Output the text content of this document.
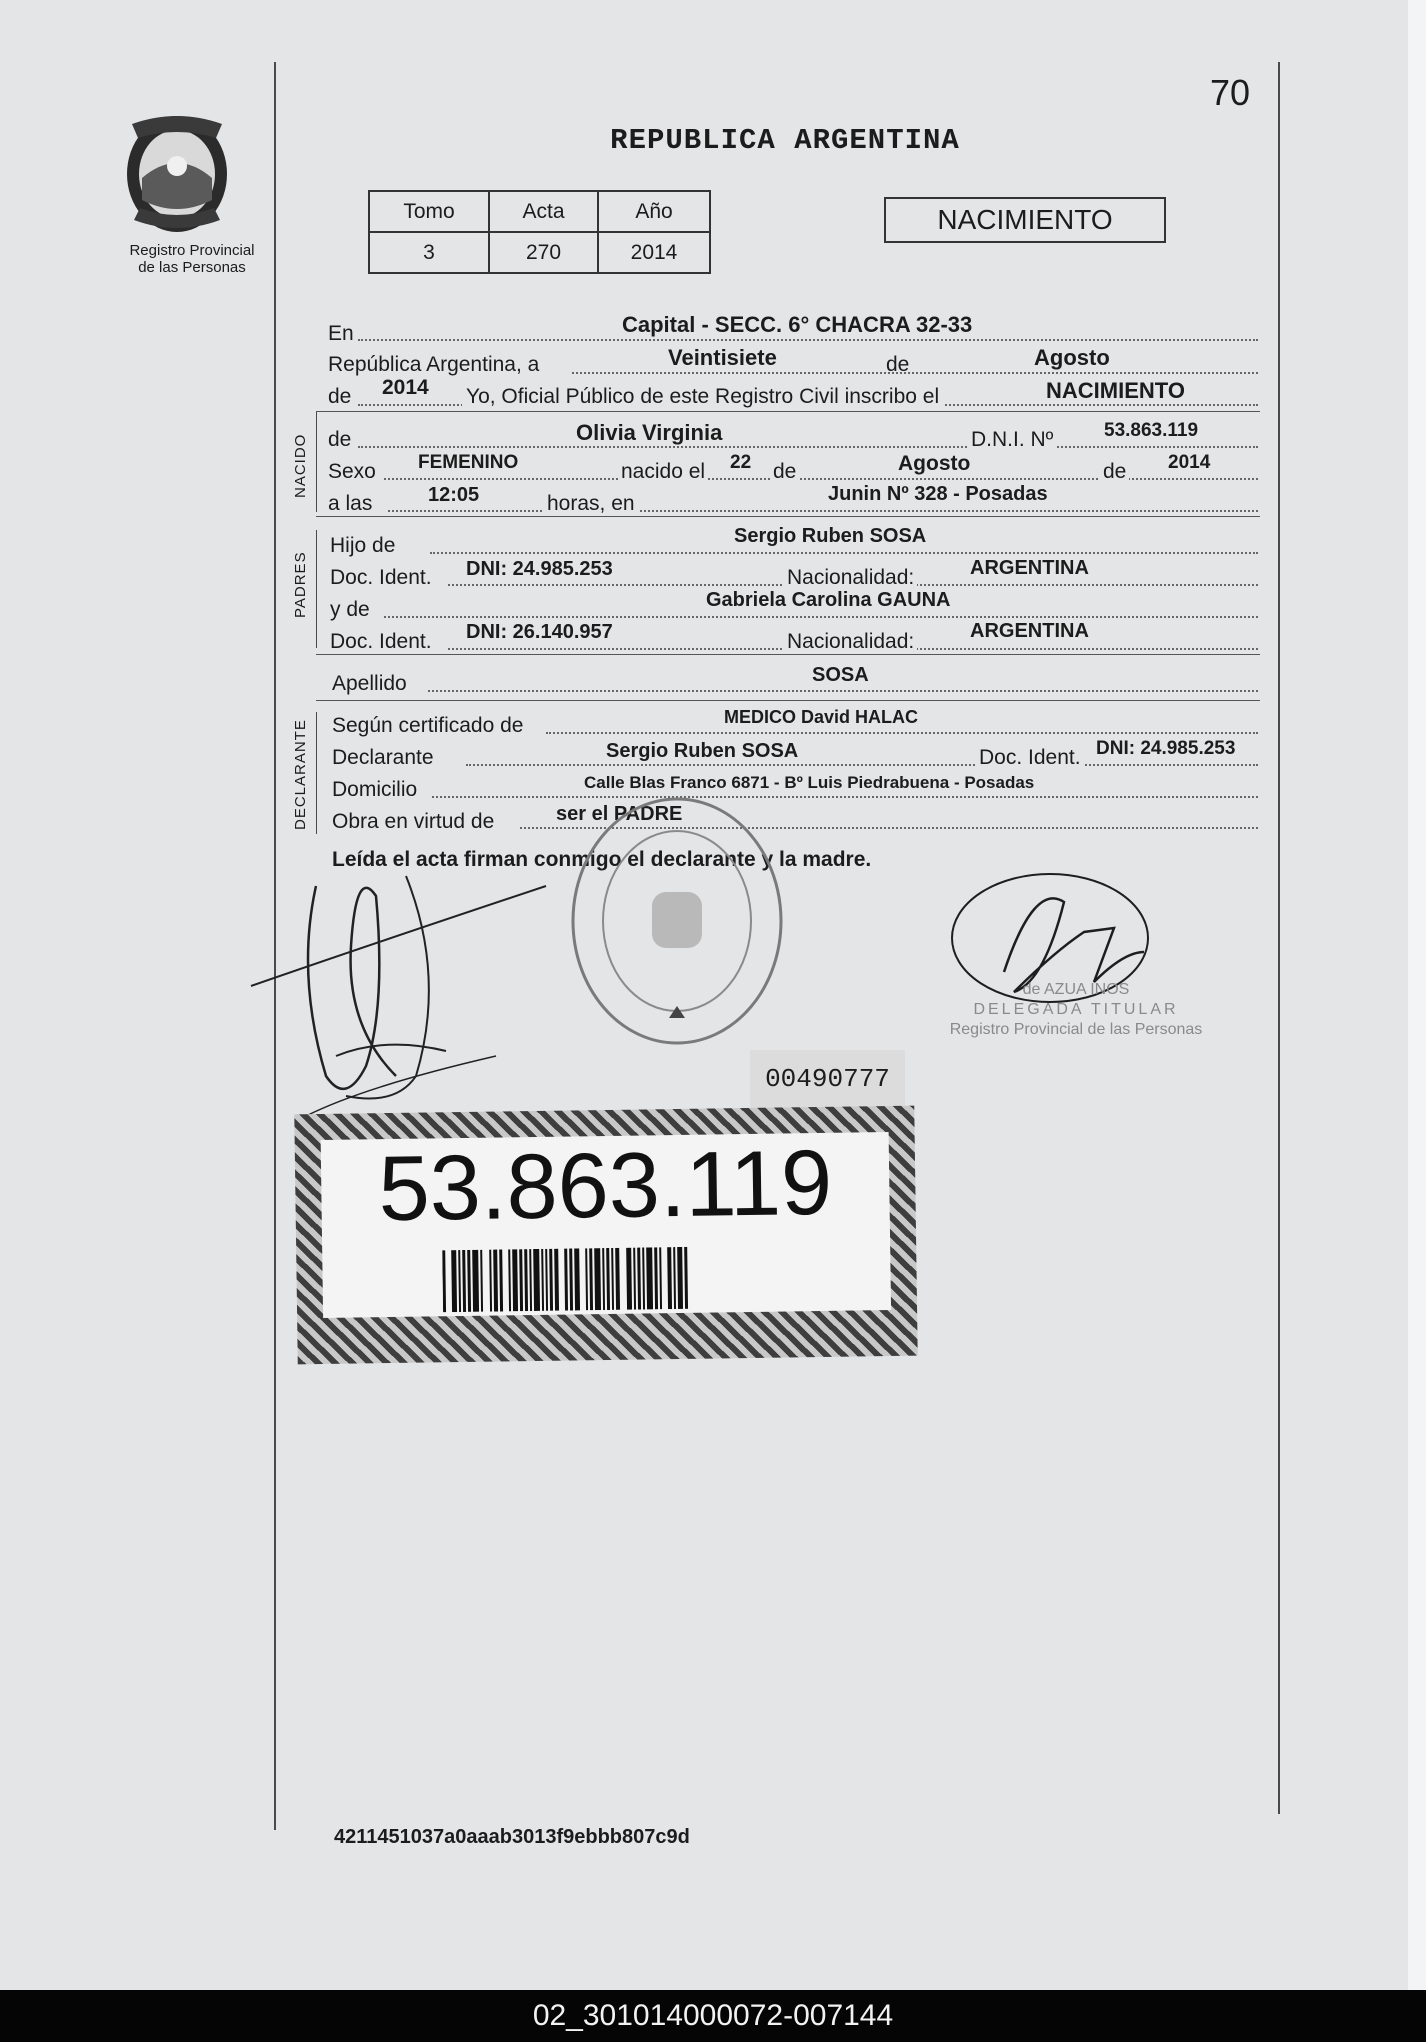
Registro Provincial
de las Personas
70
REPUBLICA ARGENTINA
Tomo	Acta	Año
3	270	2014
NACIMIENTO
En	Capital - SECC. 6° CHACRA 32-33
República Argentina, a	Veintisiete	de	Agosto
de 2014 Yo, Oficial Público de este Registro Civil inscribo el	NACIMIENTO
NACIDO de	Olivia Virginia	D.N.I. Nº	53.863.119
Sexo FEMENINO	nacido el 22 de	Agosto	de 2014
a las	12:05	horas, en	Junin Nº 328 - Posadas
PADRES
Hijo de	Sergio Ruben SOSA
Doc. Ident. DNI: 24.985.253	Nacionalidad:	ARGENTINA
y de	Gabriela Carolina GAUNA
Doc. Ident. DNI: 26.140.957	Nacionalidad:	ARGENTINA
Apellido	SOSA
DECLARANTE Según certificado de	MEDICO David HALAC
Declarante	Sergio Ruben SOSA	Doc. Ident. DNI: 24.985.253
Domicilio	Calle Blas Franco 6871 - Bº Luis Piedrabuena - Posadas
Obra en virtud de	ser el PADRE
Leída el acta firman conmigo el declarante y la madre.
de AZUA INOS
DELEGADA TITULAR
Registro Provincial de las Personas
00490777
53.863.119
4211451037a0aaab3013f9ebbb807c9d
02_301014000072-007144
